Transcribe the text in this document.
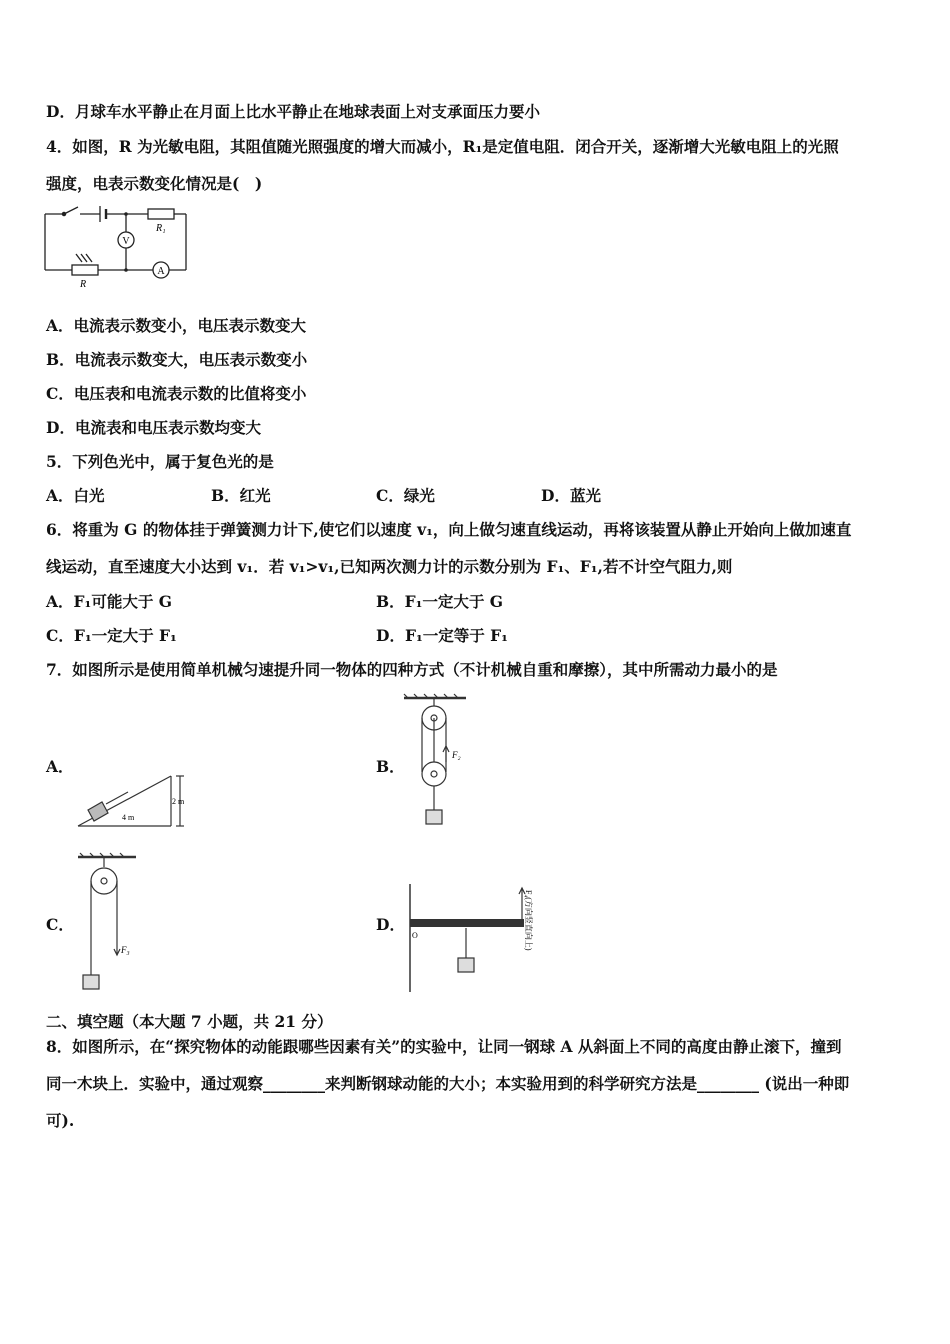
D．月球车水平静止在月面上比水平静止在地球表面上对支承面压力要小
4．如图，R 为光敏电阻，其阻值随光照强度的增大而减小，R₁是定值电阻．闭合开关，逐渐增大光敏电阻上的光照
强度，电表示数变化情况是(　)
V
A
R₁
R
A．电流表示数变小，电压表示数变大
B．电流表示数变大，电压表示数变小
C．电压表和电流表示数的比值将变小
D．电流表和电压表示数均变大
5．下列色光中，属于复色光的是
A．白光	B．红光	C．绿光	D．蓝光
6．将重为 G 的物体挂于弹簧测力计下,使它们以速度 v₁，向上做匀速直线运动，再将该装置从静止开始向上做加速直
线运动，直至速度大小达到 v₁．若 v₁>v₁,已知两次测力计的示数分别为 F₁、F₁,若不计空气阻力,则
A．F₁可能大于 G	B．F₁一定大于 G
C．F₁一定大于 F₁	D．F₁一定等于 F₁
7．如图所示是使用简单机械匀速提升同一物体的四种方式（不计机械自重和摩擦），其中所需动力最小的是
A．	B．
C．	D．
2 m
4 m
F₂
F₃
O	F₄(方向竖直向上)
二、填空题（本大题 7 小题，共 21 分）
8．如图所示，在“探究物体的动能跟哪些因素有关”的实验中，让同一钢球 A 从斜面上不同的高度由静止滚下，撞到
同一木块上．实验中，通过观察________来判断钢球动能的大小；本实验用到的科学研究方法是________ (说出一种即
可).
